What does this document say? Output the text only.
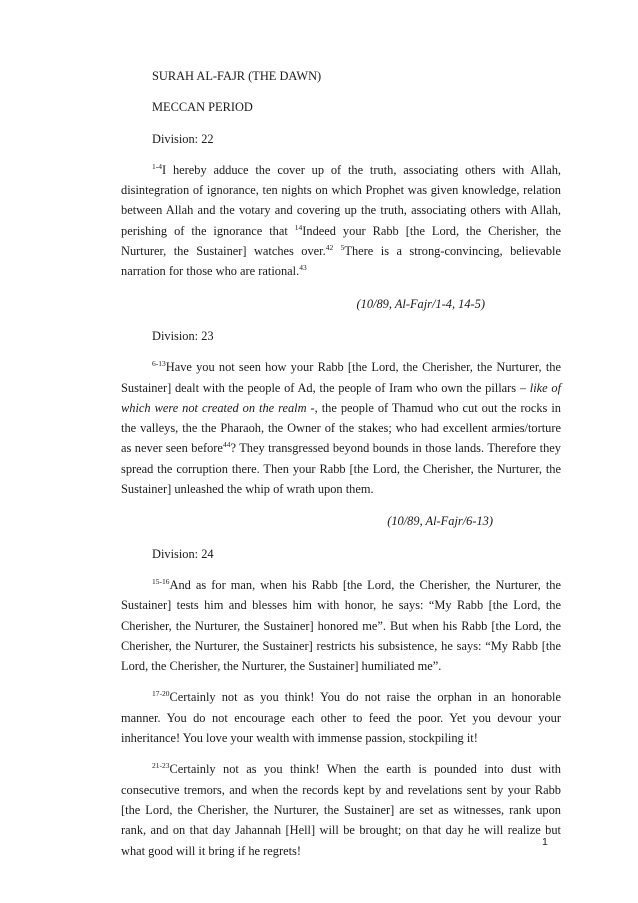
SURAH AL-FAJR (THE DAWN)

MECCAN PERIOD

Division: 22

$^{1-4}$I hereby adduce the cover up of the truth, associating others with Allah, disintegration of ignorance, ten nights on which Prophet was given knowledge, relation between Allah and the votary and covering up the truth, associating others with Allah, perishing of the ignorance that $^{14}$Indeed your Rabb [the Lord, the Cherisher, the Nurturer, the Sustainer] watches over.$^{42}$ $^5$There is a strong-convincing, believable narration for those who are rational.$^{43}$

(10/89, Al-Fajr/1-4, 14-5)

Division: 23

$^{6-13}$Have you not seen how your Rabb [the Lord, the Cherisher, the Nurturer, the Sustainer] dealt with the people of Ad, the people of Iram who own the pillars – like of which were not created on the realm -, the people of Thamud who cut out the rocks in the valleys, the the Pharaoh, the Owner of the stakes; who had excellent armies/torture as never seen before$^{44}$? They transgressed beyond bounds in those lands. Therefore they spread the corruption there. Then your Rabb [the Lord, the Cherisher, the Nurturer, the Sustainer] unleashed the whip of wrath upon them.

(10/89, Al-Fajr/6-13)

Division: 24

$^{15-16}$And as for man, when his Rabb [the Lord, the Cherisher, the Nurturer, the Sustainer] tests him and blesses him with honor, he says: “My Rabb [the Lord, the Cherisher, the Nurturer, the Sustainer] honored me”. But when his Rabb [the Lord, the Cherisher, the Nurturer, the Sustainer] restricts his subsistence, he says: “My Rabb [the Lord, the Cherisher, the Nurturer, the Sustainer] humiliated me”.

$^{17-20}$Certainly not as you think! You do not raise the orphan in an honorable manner. You do not encourage each other to feed the poor. Yet you devour your inheritance! You love your wealth with immense passion, stockpiling it!

$^{21-23}$Certainly not as you think! When the earth is pounded into dust with consecutive tremors, and when the records kept by and revelations sent by your Rabb [the Lord, the Cherisher, the Nurturer, the Sustainer] are set as witnesses, rank upon rank, and on that day Jahannah [Hell] will be brought; on that day he will realize but what good will it bring if he regrets!

1
